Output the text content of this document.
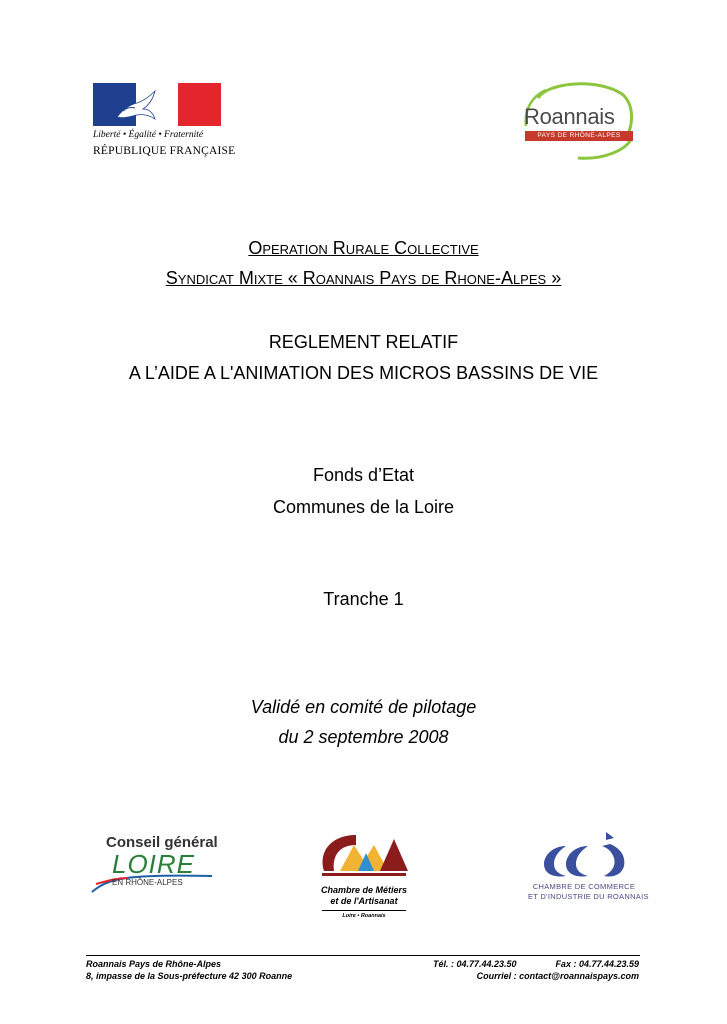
Liberté • Égalité • Fraternité
RÉPUBLIQUE FRANÇAISE
Roannais
PAYS DE RHÔNE-ALPES
Operation Rurale Collective
Syndicat Mixte « Roannais Pays de Rhone-Alpes »
REGLEMENT RELATIF
A L’AIDE A L'ANIMATION DES MICROS BASSINS DE VIE
Fonds d’Etat
Communes de la Loire
Tranche 1
Validé en comité de pilotage
du 2 septembre 2008
Conseil général
LOIRE
EN RHÔNE-ALPES
Chambre de Métiers
et de l'Artisanat
Loire • Roannais
CHAMBRE DE COMMERCE
ET D'INDUSTRIE DU ROANNAIS
Roannais Pays de Rhône-Alpes
8, impasse de la Sous-préfecture 42 300 Roanne
Tél. : 04.77.44.23.50	Fax : 04.77.44.23.59
Courriel : contact@roannaispays.com
